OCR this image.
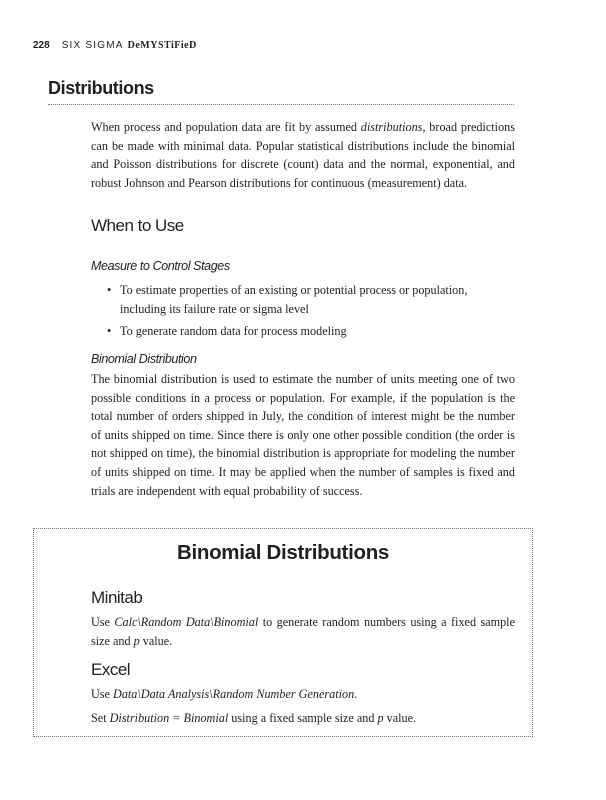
228 SIX SIGMA DeMYSTiFieD
Distributions
When process and population data are fit by assumed distributions, broad predictions can be made with minimal data. Popular statistical distributions include the binomial and Poisson distributions for discrete (count) data and the normal, exponential, and robust Johnson and Pearson distributions for continuous (measurement) data.
When to Use
Measure to Control Stages
• To estimate properties of an existing or potential process or population, including its failure rate or sigma level
• To generate random data for process modeling
Binomial Distribution
The binomial distribution is used to estimate the number of units meeting one of two possible conditions in a process or population. For example, if the population is the total number of orders shipped in July, the condition of interest might be the number of units shipped on time. Since there is only one other possible condition (the order is not shipped on time), the binomial distribution is appropriate for modeling the number of units shipped on time. It may be applied when the number of samples is fixed and trials are independent with equal probability of success.
Binomial Distributions
Minitab
Use Calc\Random Data\Binomial to generate random numbers using a fixed sample size and p value.
Excel
Use Data\Data Analysis\Random Number Generation.
Set Distribution = Binomial using a fixed sample size and p value.
